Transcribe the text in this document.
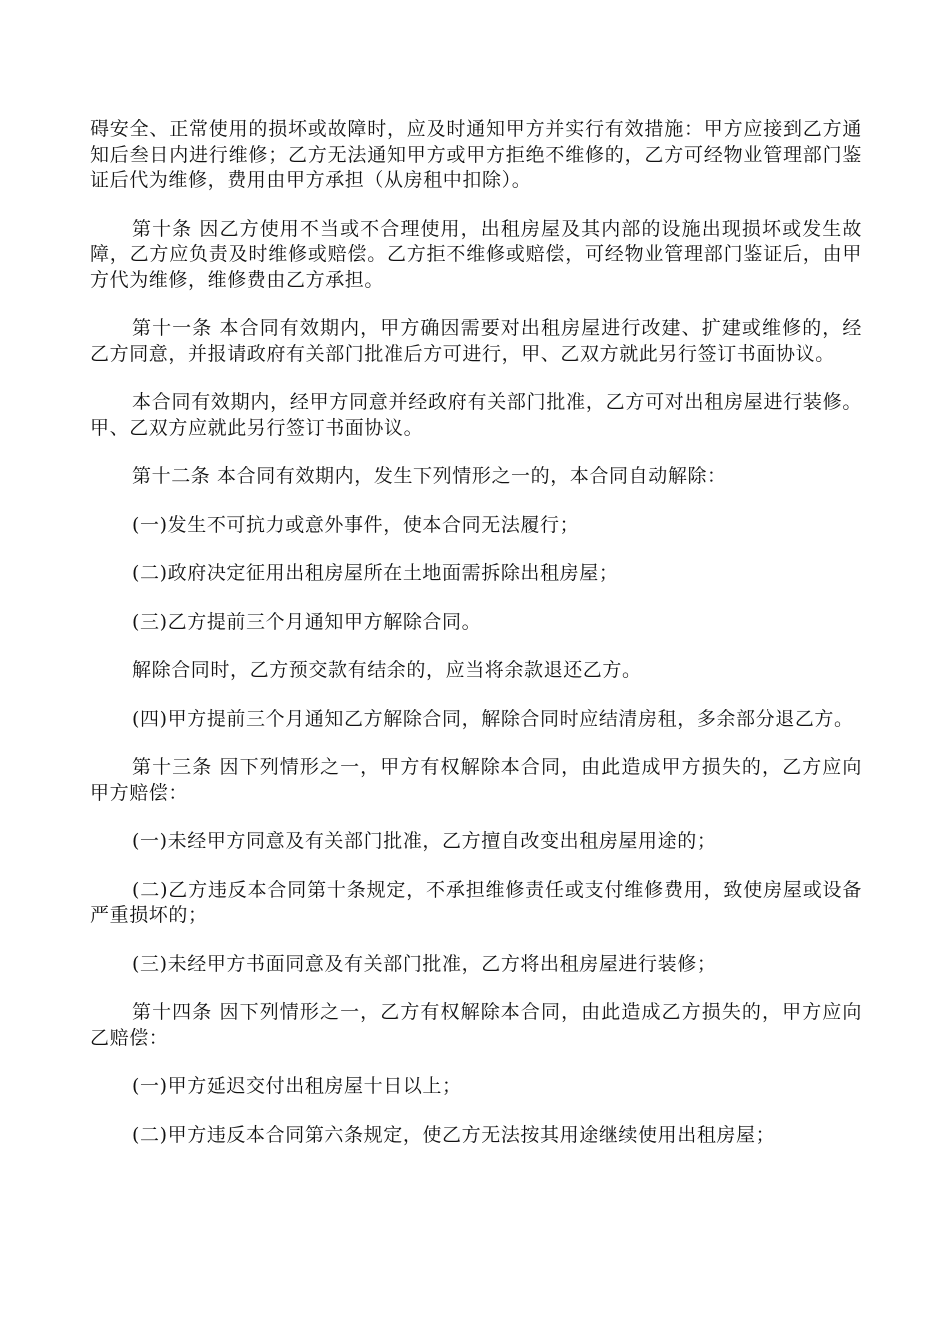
碍安全、正常使用的损坏或故障时，应及时通知甲方并实行有效措施：甲方应接到乙方通知后叁日内进行维修；乙方无法通知甲方或甲方拒绝不维修的，乙方可经物业管理部门鉴证后代为维修，费用由甲方承担（从房租中扣除）。

第十条 因乙方使用不当或不合理使用，出租房屋及其内部的设施出现损坏或发生故障，乙方应负责及时维修或赔偿。乙方拒不维修或赔偿，可经物业管理部门鉴证后，由甲方代为维修，维修费由乙方承担。

第十一条 本合同有效期内，甲方确因需要对出租房屋进行改建、扩建或维修的，经乙方同意，并报请政府有关部门批准后方可进行，甲、乙双方就此另行签订书面协议。

本合同有效期内，经甲方同意并经政府有关部门批准，乙方可对出租房屋进行装修。甲、乙双方应就此另行签订书面协议。

第十二条 本合同有效期内，发生下列情形之一的，本合同自动解除：

(一)发生不可抗力或意外事件，使本合同无法履行；

(二)政府决定征用出租房屋所在土地面需拆除出租房屋；

(三)乙方提前三个月通知甲方解除合同。

解除合同时，乙方预交款有结余的，应当将余款退还乙方。

(四)甲方提前三个月通知乙方解除合同，解除合同时应结清房租，多余部分退乙方。

第十三条 因下列情形之一，甲方有权解除本合同，由此造成甲方损失的，乙方应向甲方赔偿：

(一)未经甲方同意及有关部门批准，乙方擅自改变出租房屋用途的；

(二)乙方违反本合同第十条规定，不承担维修责任或支付维修费用，致使房屋或设备严重损坏的；

(三)未经甲方书面同意及有关部门批准，乙方将出租房屋进行装修；

第十四条 因下列情形之一，乙方有权解除本合同，由此造成乙方损失的，甲方应向乙赔偿：

(一)甲方延迟交付出租房屋十日以上；

(二)甲方违反本合同第六条规定，使乙方无法按其用途继续使用出租房屋；
